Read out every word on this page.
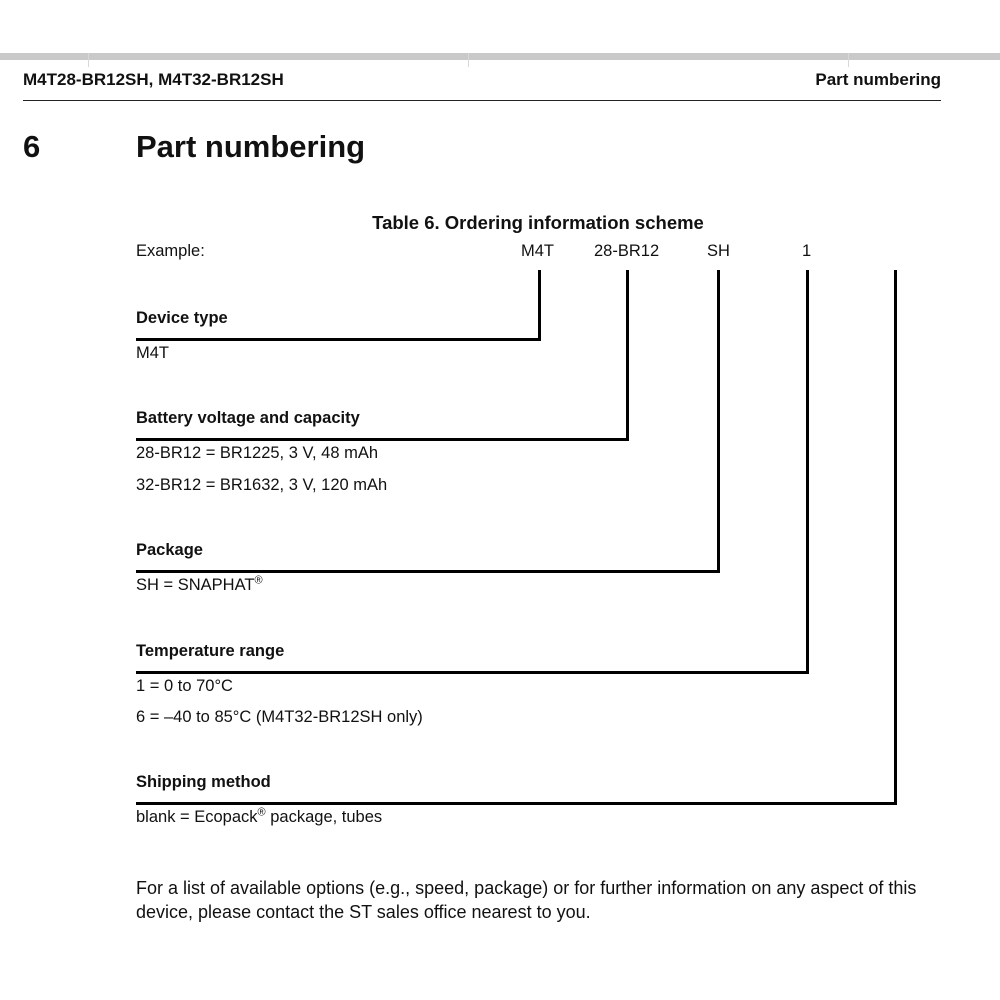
M4T28-BR12SH, M4T32-BR12SH	Part numbering
6	Part numbering
Table 6. Ordering information scheme
Example:	M4T 28-BR12	SH	1
Device type
M4T
Battery voltage and capacity
28-BR12 = BR1225, 3 V, 48 mAh
32-BR12 = BR1632, 3 V, 120 mAh
Package
SH = SNAPHAT®
Temperature range
1 = 0 to 70°C
6 = –40 to 85°C (M4T32-BR12SH only)
Shipping method
blank = Ecopack® package, tubes
For a list of available options (e.g., speed, package) or for further information on any aspect of this device, please contact the ST sales office nearest to you.
